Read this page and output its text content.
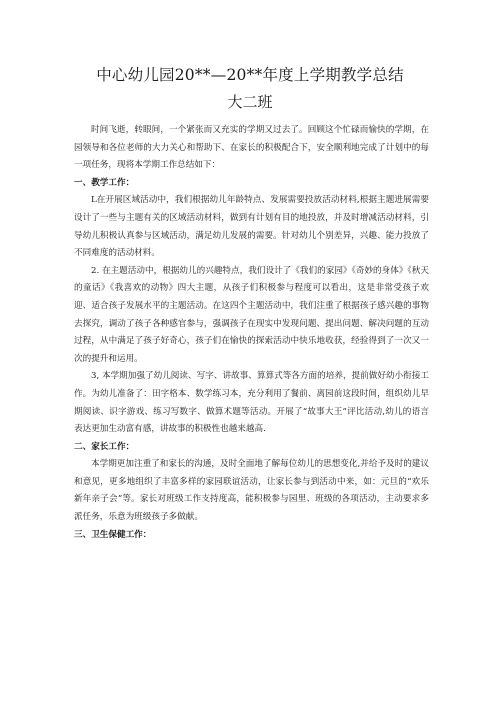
中心幼儿园20**—20**年度上学期教学总结
大二班

时间飞逝，转眼间，一个紧张而又充实的学期又过去了。回顾这个忙碌而愉快的学期，在园领导和各位老师的大力关心和帮助下、在家长的积极配合下，安全顺利地完成了计划中的每一项任务，现将本学期工作总结如下：

一、教学工作：

L在开展区域活动中，我们根据幼儿年龄特点、发展需要投放活动材料,根据主题进展需要设计了一些与主题有关的区域活动材料，做到有计划有目的地投放，并及时增减活动材料，引导幼儿积极认真参与区域活动，满足幼儿发展的需要。针对幼儿个别差异，兴趣、能力投放了不同难度的活动材料。

2. 在主题活动中，根据幼儿的兴趣特点，我们设计了《我们的家园》《奇妙的身体》《秋天的童话》《我喜欢的动物》四大主题，从孩子们积极参与程度可以看出，这是非常受孩子欢迎、适合孩子发展水平的主题活动。在这四个主题活动中，我们注重了根据孩子感兴趣的事物去探究，调动了孩子各种感官参与，强调孩子在现实中发现问题、提出问题、解决问题的互动过程，从中满足了孩子好奇心，孩子们在愉快的探索活动中快乐地收获，经验得到了一次又一次的提升和运用。

3, 本学期加强了幼儿阅读、写字、讲故事、算算式等各方面的培养，提前做好幼小衔接工作。为幼儿准备了：田字格本、数学练习本，充分利用了餐前、离园前这段时间，组织幼儿早期阅读、识字游戏、练习写数字、做算术题等活动。开展了“故事大王”评比活动,幼儿的语言表达更加生动富有感，讲故事的积极性也越来越高.

二、家长工作：

本学期更加注重了和家长的沟通，及时全面地了解每位幼儿的思想变化,并给予及时的建议和意见，更多地组织了丰富多样的家园联谊活动，让家长参与到活动中来，如：元旦的“欢乐新年亲子会”等。家长对班级工作支持度高，能积极参与园里、班级的各项活动，主动要求多派任务，乐意为班级孩子多做献。

三、卫生保健工作：
